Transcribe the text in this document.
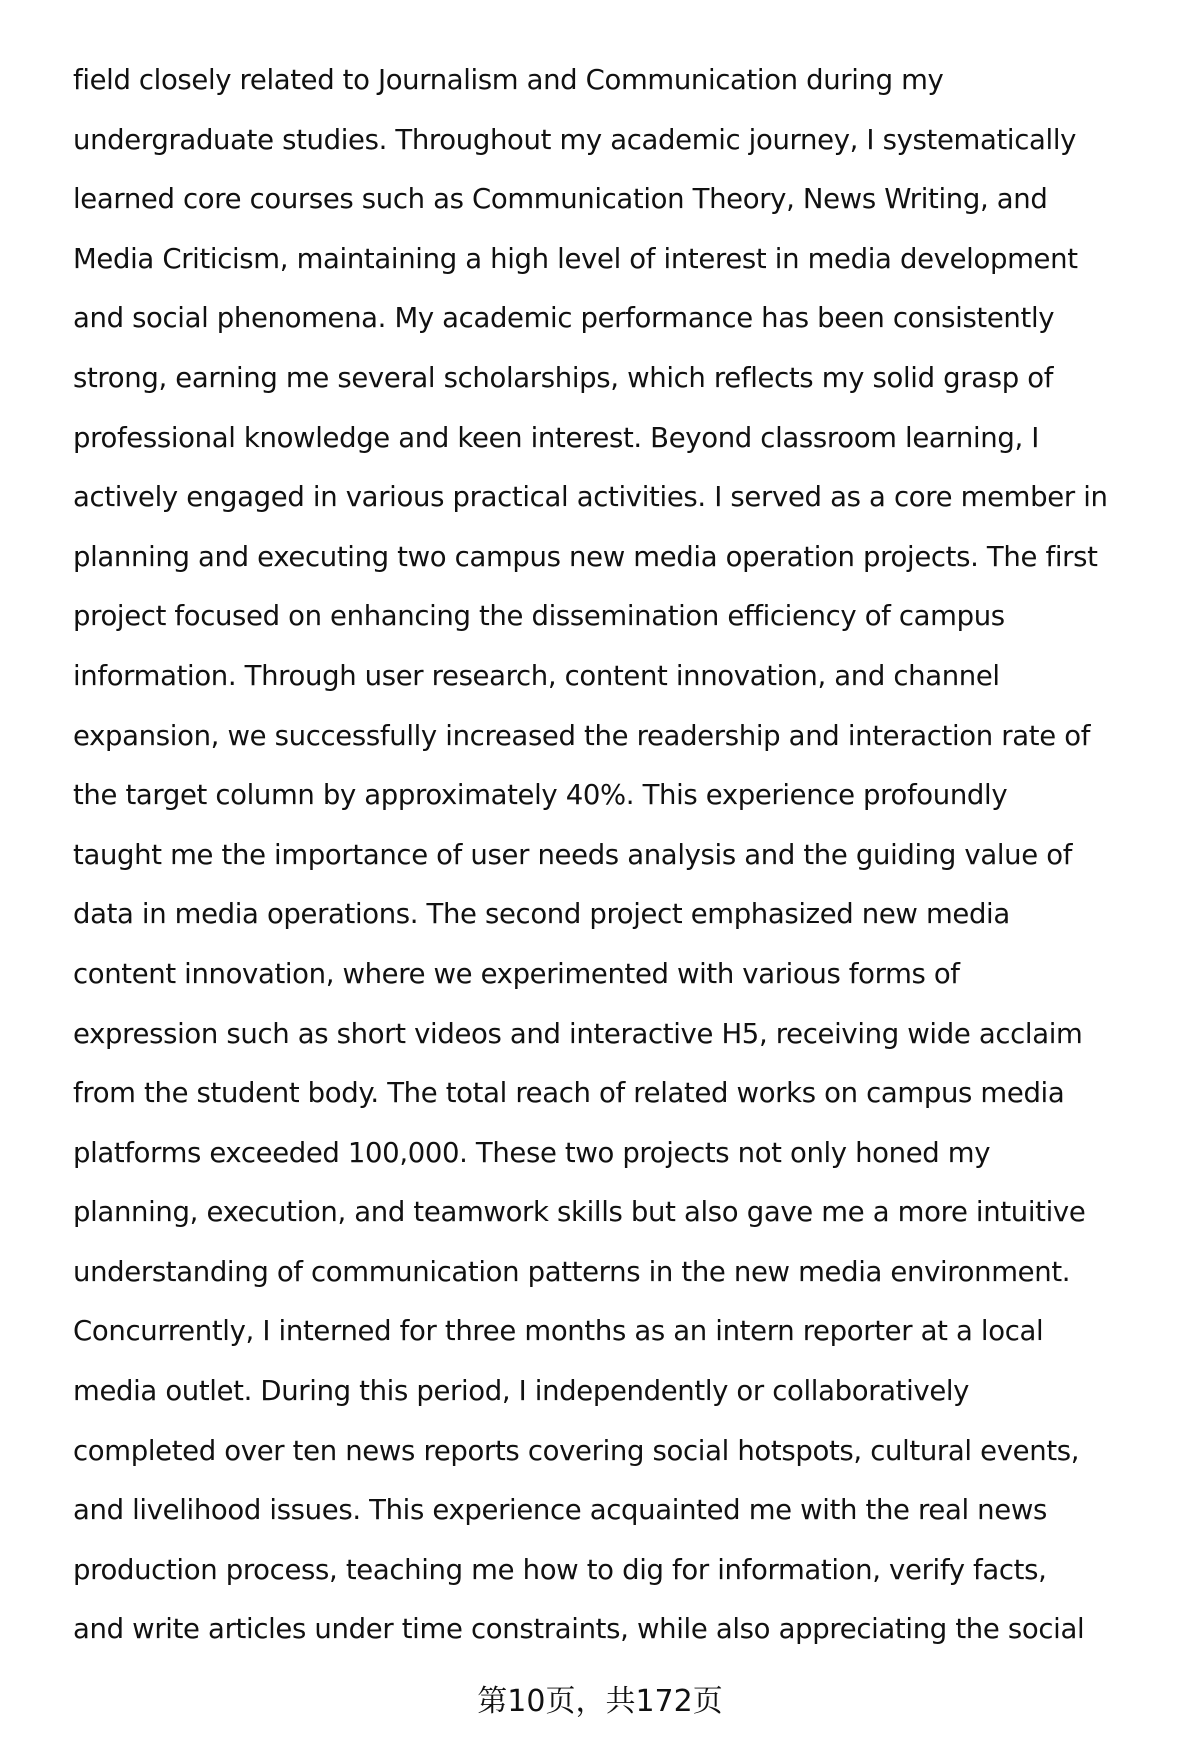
field closely related to Journalism and Communication during my
undergraduate studies. Throughout my academic journey, I systematically
learned core courses such as Communication Theory, News Writing, and
Media Criticism, maintaining a high level of interest in media development
and social phenomena. My academic performance has been consistently
strong, earning me several scholarships, which reflects my solid grasp of
professional knowledge and keen interest. Beyond classroom learning, I
actively engaged in various practical activities. I served as a core member in
planning and executing two campus new media operation projects. The first
project focused on enhancing the dissemination efficiency of campus
information. Through user research, content innovation, and channel
expansion, we successfully increased the readership and interaction rate of
the target column by approximately 40%. This experience profoundly
taught me the importance of user needs analysis and the guiding value of
data in media operations. The second project emphasized new media
content innovation, where we experimented with various forms of
expression such as short videos and interactive H5, receiving wide acclaim
from the student body. The total reach of related works on campus media
platforms exceeded 100,000. These two projects not only honed my
planning, execution, and teamwork skills but also gave me a more intuitive
understanding of communication patterns in the new media environment.
Concurrently, I interned for three months as an intern reporter at a local
media outlet. During this period, I independently or collaboratively
completed over ten news reports covering social hotspots, cultural events,
and livelihood issues. This experience acquainted me with the real news
production process, teaching me how to dig for information, verify facts,
and write articles under time constraints, while also appreciating the social
第10页，共172页
